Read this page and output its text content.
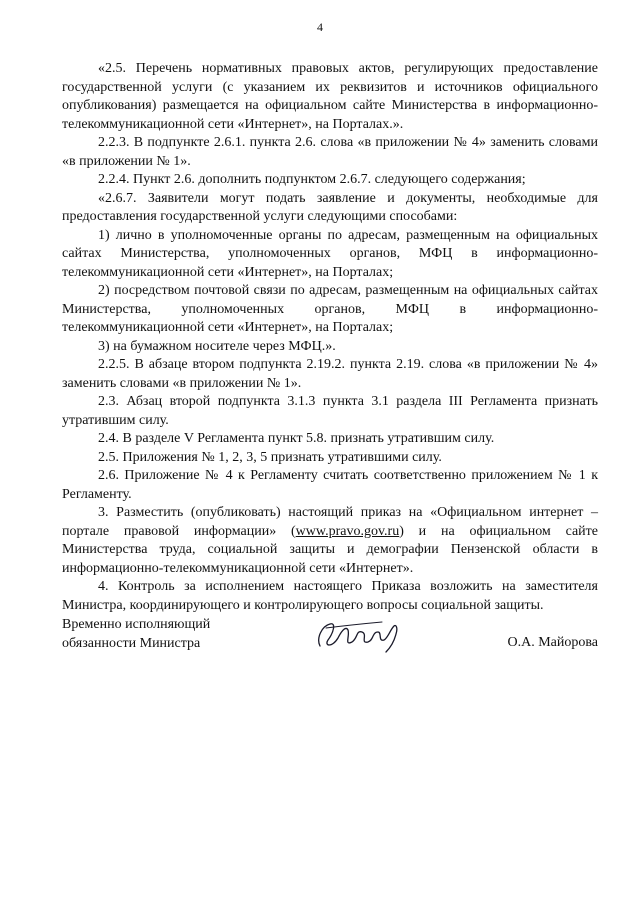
4

«2.5. Перечень нормативных правовых актов, регулирующих предоставление государственной услуги (с указанием их реквизитов и источников официального опубликования) размещается на официальном сайте Министерства в информационно-телекоммуникационной сети «Интернет», на Порталах.».

2.2.3. В подпункте 2.6.1. пункта 2.6. слова «в приложении № 4» заменить словами «в приложении № 1».

2.2.4. Пункт 2.6. дополнить подпунктом 2.6.7. следующего содержания;

«2.6.7. Заявители могут подать заявление и документы, необходимые для предоставления государственной услуги следующими способами:

1) лично в уполномоченные органы по адресам, размещенным на официальных сайтах Министерства, уполномоченных органов, МФЦ в информационно-телекоммуникационной сети «Интернет», на Порталах;

2) посредством почтовой связи по адресам, размещенным на официальных сайтах Министерства, уполномоченных органов, МФЦ в информационно-телекоммуникационной сети «Интернет», на Порталах;

3) на бумажном носителе через МФЦ.».

2.2.5. В абзаце втором подпункта 2.19.2. пункта 2.19. слова «в приложении № 4» заменить словами «в приложении № 1».

2.3. Абзац второй подпункта 3.1.3 пункта 3.1 раздела III Регламента признать утратившим силу.

2.4. В разделе V Регламента пункт 5.8. признать утратившим силу.

2.5. Приложения № 1, 2, 3, 5 признать утратившими силу.

2.6. Приложение № 4 к Регламенту считать соответственно приложением № 1 к Регламенту.

3. Разместить (опубликовать) настоящий приказ на «Официальном интернет – портале правовой информации» (www.pravo.gov.ru) и на официальном сайте Министерства труда, социальной защиты и демографии Пензенской области в информационно-телекоммуникационной сети «Интернет».

4. Контроль за исполнением настоящего Приказа возложить на заместителя Министра, координирующего и контролирующего вопросы социальной защиты.

Временно исполняющий
обязанности Министра	О.А. Майорова
